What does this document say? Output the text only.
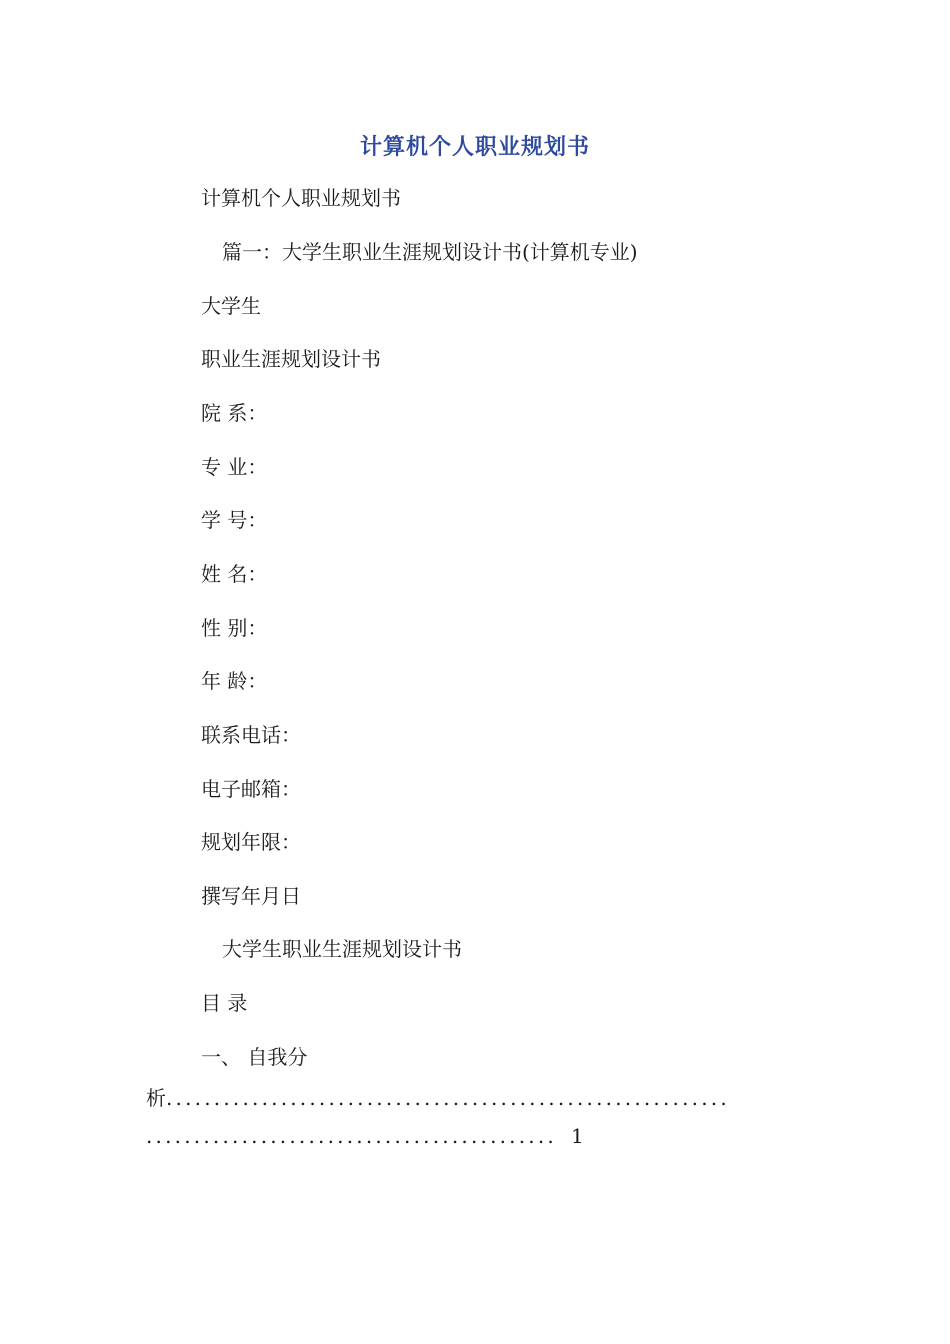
计算机个人职业规划书
计算机个人职业规划书
篇一：大学生职业生涯规划设计书(计算机专业)
大学生
职业生涯规划设计书
院 系：
专 业：
学 号：
姓 名：
性 别：
年 龄：
联系电话：
电子邮箱：
规划年限：
撰写年月日
大学生职业生涯规划设计书
目 录
一、 自我分
析...........................................................
........................................... 1
